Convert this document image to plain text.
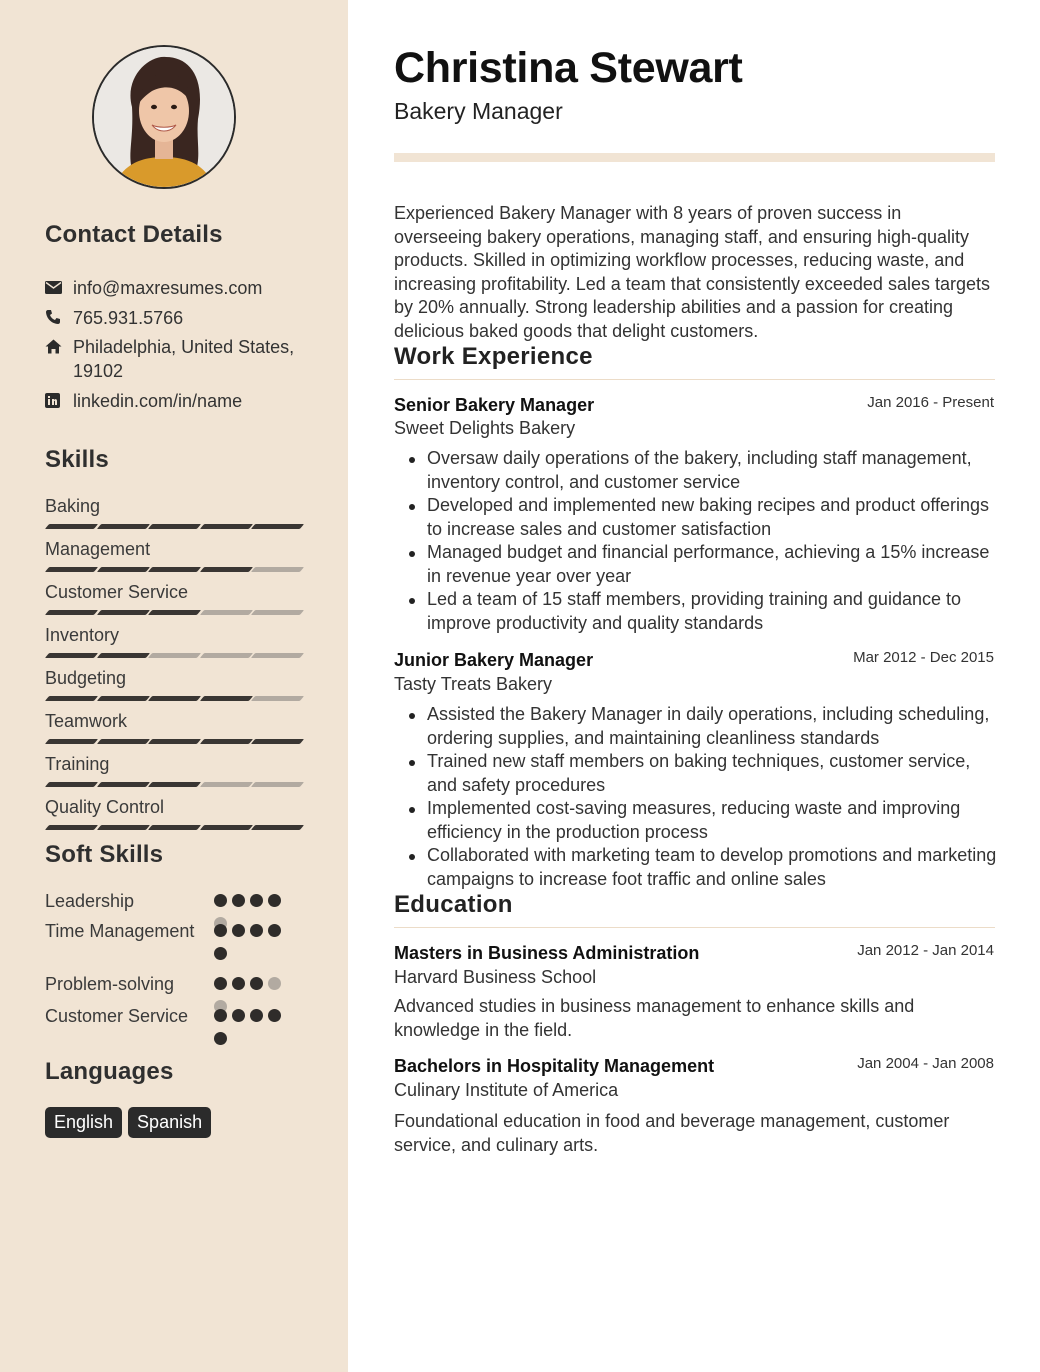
Contact Details
info@maxresumes.com
765.931.5766
Philadelphia, United States, 19102
linkedin.com/in/name
Skills
Baking
Management
Customer Service
Inventory
Budgeting
Teamwork
Training
Quality Control
Soft Skills
Leadership
Time Management
Problem-solving
Customer Service
Languages
English	Spanish
Christina Stewart
Bakery Manager
Experienced Bakery Manager with 8 years of proven success in overseeing bakery operations, managing staff, and ensuring high-quality products. Skilled in optimizing workflow processes, reducing waste, and increasing profitability. Led a team that consistently exceeded sales targets by 20% annually. Strong leadership abilities and a passion for creating delicious baked goods that delight customers.
Work Experience
Senior Bakery Manager	Jan 2016 - Present
Sweet Delights Bakery
Oversaw daily operations of the bakery, including staff management, inventory control, and customer service
Developed and implemented new baking recipes and product offerings to increase sales and customer satisfaction
Managed budget and financial performance, achieving a 15% increase in revenue year over year
Led a team of 15 staff members, providing training and guidance to improve productivity and quality standards
Junior Bakery Manager	Mar 2012 - Dec 2015
Tasty Treats Bakery
Assisted the Bakery Manager in daily operations, including scheduling, ordering supplies, and maintaining cleanliness standards
Trained new staff members on baking techniques, customer service, and safety procedures
Implemented cost-saving measures, reducing waste and improving efficiency in the production process
Collaborated with marketing team to develop promotions and marketing campaigns to increase foot traffic and online sales
Education
Masters in Business Administration	Jan 2012 - Jan 2014
Harvard Business School
Advanced studies in business management to enhance skills and knowledge in the field.
Bachelors in Hospitality Management	Jan 2004 - Jan 2008
Culinary Institute of America
Foundational education in food and beverage management, customer service, and culinary arts.
